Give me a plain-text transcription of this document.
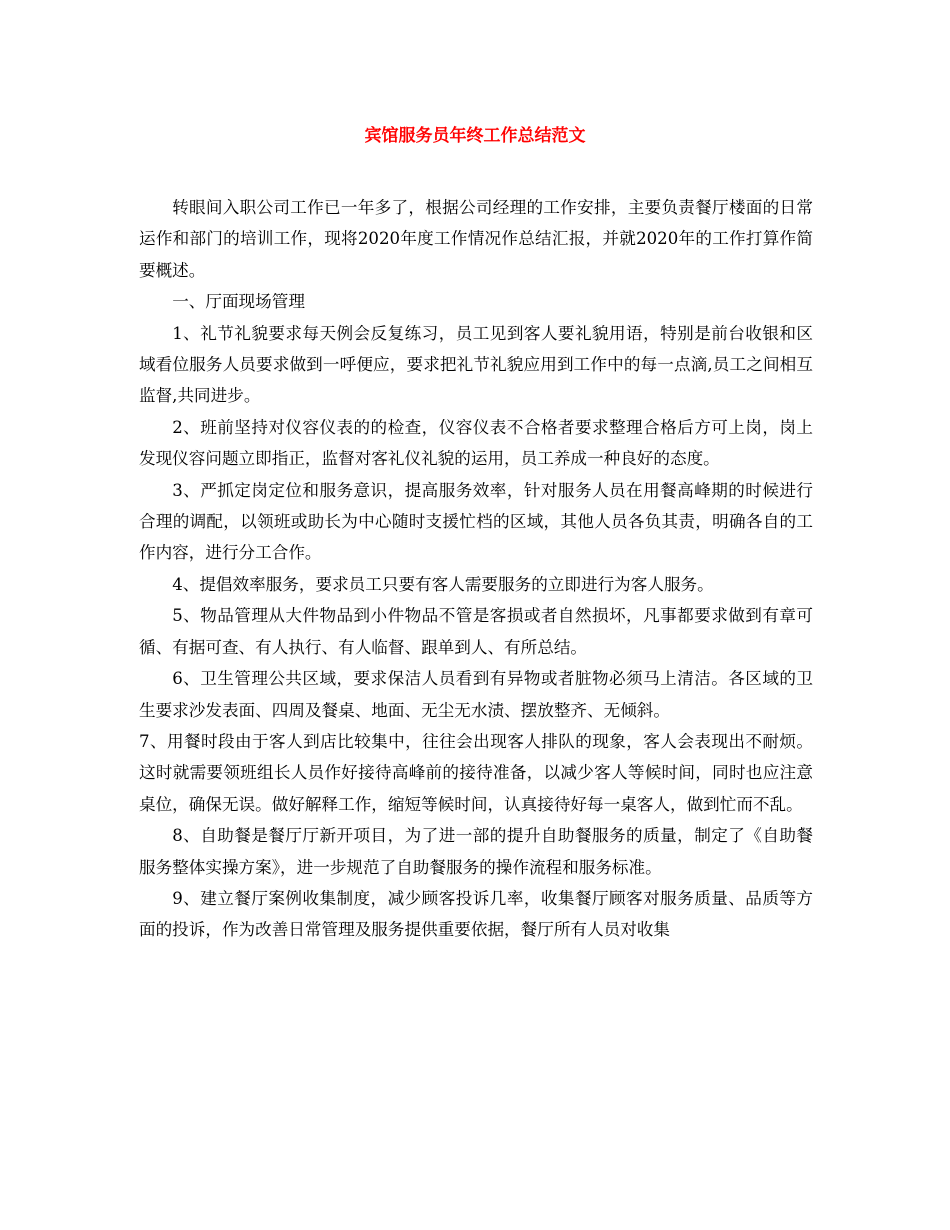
宾馆服务员年终工作总结范文

转眼间入职公司工作已一年多了，根据公司经理的工作安排，主要负责餐厅楼面的日常运作和部门的培训工作，现将2020年度工作情况作总结汇报，并就2020年的工作打算作简要概述。

一、厅面现场管理

1、礼节礼貌要求每天例会反复练习，员工见到客人要礼貌用语，特别是前台收银和区域看位服务人员要求做到一呼便应，要求把礼节礼貌应用到工作中的每一点滴,员工之间相互监督,共同进步。

2、班前坚持对仪容仪表的的检查，仪容仪表不合格者要求整理合格后方可上岗，岗上发现仪容问题立即指正，监督对客礼仪礼貌的运用，员工养成一种良好的态度。

3、严抓定岗定位和服务意识，提高服务效率，针对服务人员在用餐高峰期的时候进行合理的调配，以领班或助长为中心随时支援忙档的区域，其他人员各负其责，明确各自的工作内容，进行分工合作。

4、提倡效率服务，要求员工只要有客人需要服务的立即进行为客人服务。

5、物品管理从大件物品到小件物品不管是客损或者自然损坏，凡事都要求做到有章可循、有据可查、有人执行、有人临督、跟单到人、有所总结。

6、卫生管理公共区域，要求保洁人员看到有异物或者脏物必须马上清洁。各区域的卫生要求沙发表面、四周及餐桌、地面、无尘无水渍、摆放整齐、无倾斜。

7、用餐时段由于客人到店比较集中，往往会出现客人排队的现象，客人会表现出不耐烦。这时就需要领班组长人员作好接待高峰前的接待准备，以减少客人等候时间，同时也应注意桌位，确保无误。做好解释工作，缩短等候时间，认真接待好每一桌客人，做到忙而不乱。

8、自助餐是餐厅厅新开项目，为了进一部的提升自助餐服务的质量，制定了《自助餐服务整体实操方案》，进一步规范了自助餐服务的操作流程和服务标准。

9、建立餐厅案例收集制度，减少顾客投诉几率，收集餐厅顾客对服务质量、品质等方面的投诉，作为改善日常管理及服务提供重要依据，餐厅所有人员对收集
